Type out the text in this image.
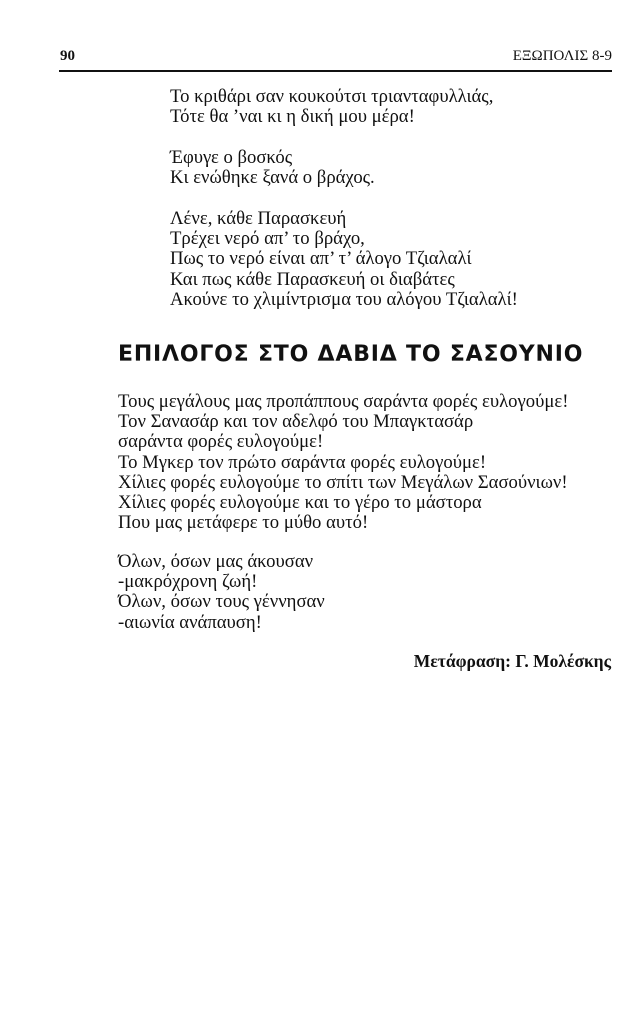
90	ΕΞΩΠΟΛΙΣ 8-9
Το κριθάρι σαν κουκούτσι τριανταφυλλιάς,
Τότε θα ’ναι κι η δική μου μέρα!
Έφυγε ο βοσκός
Κι ενώθηκε ξανά ο βράχος.
Λένε, κάθε Παρασκευή
Τρέχει νερό απ’ το βράχο,
Πως το νερό είναι απ’ τ’ άλογο Τζιαλαλί
Και πως κάθε Παρασκευή οι διαβάτες
Ακούνε το χλιμίντρισμα του αλόγου Τζιαλαλί!
ΕΠΙΛΟΓΟΣ ΣΤΟ ΔΑΒΙΔ ΤΟ ΣΑΣΟΥΝΙΟ
Τους μεγάλους μας προπάππους σαράντα φορές ευλογούμε!
Τον Σανασάρ και τον αδελφό του Μπαγκτασάρ
σαράντα φορές ευλογούμε!
Το Μγκερ τον πρώτο σαράντα φορές ευλογούμε!
Χίλιες φορές ευλογούμε το σπίτι των Μεγάλων Σασούνιων!
Χίλιες φορές ευλογούμε και το γέρο το μάστορα
Που μας μετάφερε το μύθο αυτό!
Όλων, όσων μας άκουσαν
-μακρόχρονη ζωή!
Όλων, όσων τους γέννησαν
-αιωνία ανάπαυση!
Μετάφραση: Γ. Μολέσκης
